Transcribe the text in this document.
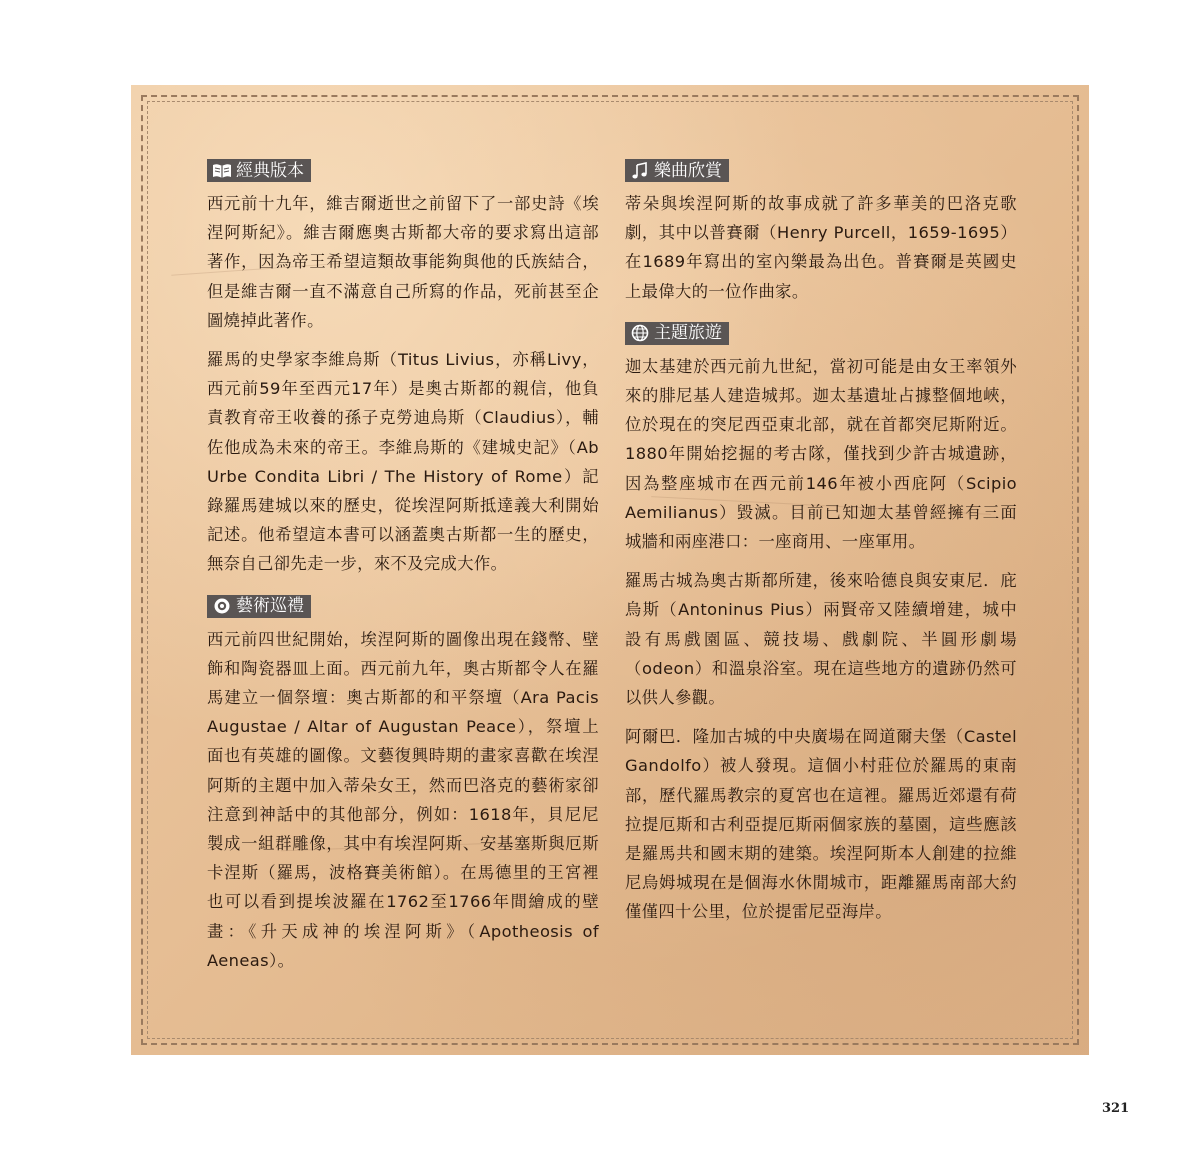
經典版本

西元前十九年，維吉爾逝世之前留下了一部史詩《埃涅阿斯紀》。維吉爾應奧古斯都大帝的要求寫出這部著作，因為帝王希望這類故事能夠與他的氏族結合，但是維吉爾一直不滿意自己所寫的作品，死前甚至企圖燒掉此著作。

羅馬的史學家李維烏斯（Titus Livius，亦稱Livy，西元前59年至西元17年）是奧古斯都的親信，他負責教育帝王收養的孫子克勞迪烏斯（Claudius），輔佐他成為未來的帝王。李維烏斯的《建城史記》（Ab Urbe Condita Libri / The History of Rome）記錄羅馬建城以來的歷史，從埃涅阿斯抵達義大利開始記述。他希望這本書可以涵蓋奧古斯都一生的歷史，無奈自己卻先走一步，來不及完成大作。

藝術巡禮

西元前四世紀開始，埃涅阿斯的圖像出現在錢幣、壁飾和陶瓷器皿上面。西元前九年，奧古斯都令人在羅馬建立一個祭壇：奧古斯都的和平祭壇（Ara Pacis Augustae / Altar of Augustan Peace），祭壇上面也有英雄的圖像。文藝復興時期的畫家喜歡在埃涅阿斯的主題中加入蒂朵女王，然而巴洛克的藝術家卻注意到神話中的其他部分，例如：1618年，貝尼尼製成一組群雕像，其中有埃涅阿斯、安基塞斯與厄斯卡涅斯（羅馬，波格賽美術館）。在馬德里的王宮裡也可以看到提埃波羅在1762至1766年間繪成的壁畫：《升天成神的埃涅阿斯》（Apotheosis of Aeneas）。

樂曲欣賞

蒂朵與埃涅阿斯的故事成就了許多華美的巴洛克歌劇，其中以普賽爾（Henry Purcell，1659-1695）在1689年寫出的室內樂最為出色。普賽爾是英國史上最偉大的一位作曲家。

主題旅遊

迦太基建於西元前九世紀，當初可能是由女王率領外來的腓尼基人建造城邦。迦太基遺址占據整個地峽，位於現在的突尼西亞東北部，就在首都突尼斯附近。1880年開始挖掘的考古隊，僅找到少許古城遺跡，因為整座城市在西元前146年被小西庇阿（Scipio Aemilianus）毀滅。目前已知迦太基曾經擁有三面城牆和兩座港口：一座商用、一座軍用。

羅馬古城為奧古斯都所建，後來哈德良與安東尼．庇烏斯（Antoninus Pius）兩賢帝又陸續增建，城中設有馬戲園區、競技場、戲劇院、半圓形劇場（odeon）和溫泉浴室。現在這些地方的遺跡仍然可以供人參觀。

阿爾巴．隆加古城的中央廣場在岡道爾夫堡（Castel Gandolfo）被人發現。這個小村莊位於羅馬的東南部，歷代羅馬教宗的夏宮也在這裡。羅馬近郊還有荷拉提厄斯和古利亞提厄斯兩個家族的墓園，這些應該是羅馬共和國末期的建築。埃涅阿斯本人創建的拉維尼烏姆城現在是個海水休閒城市，距離羅馬南部大約僅僅四十公里，位於提雷尼亞海岸。

321
